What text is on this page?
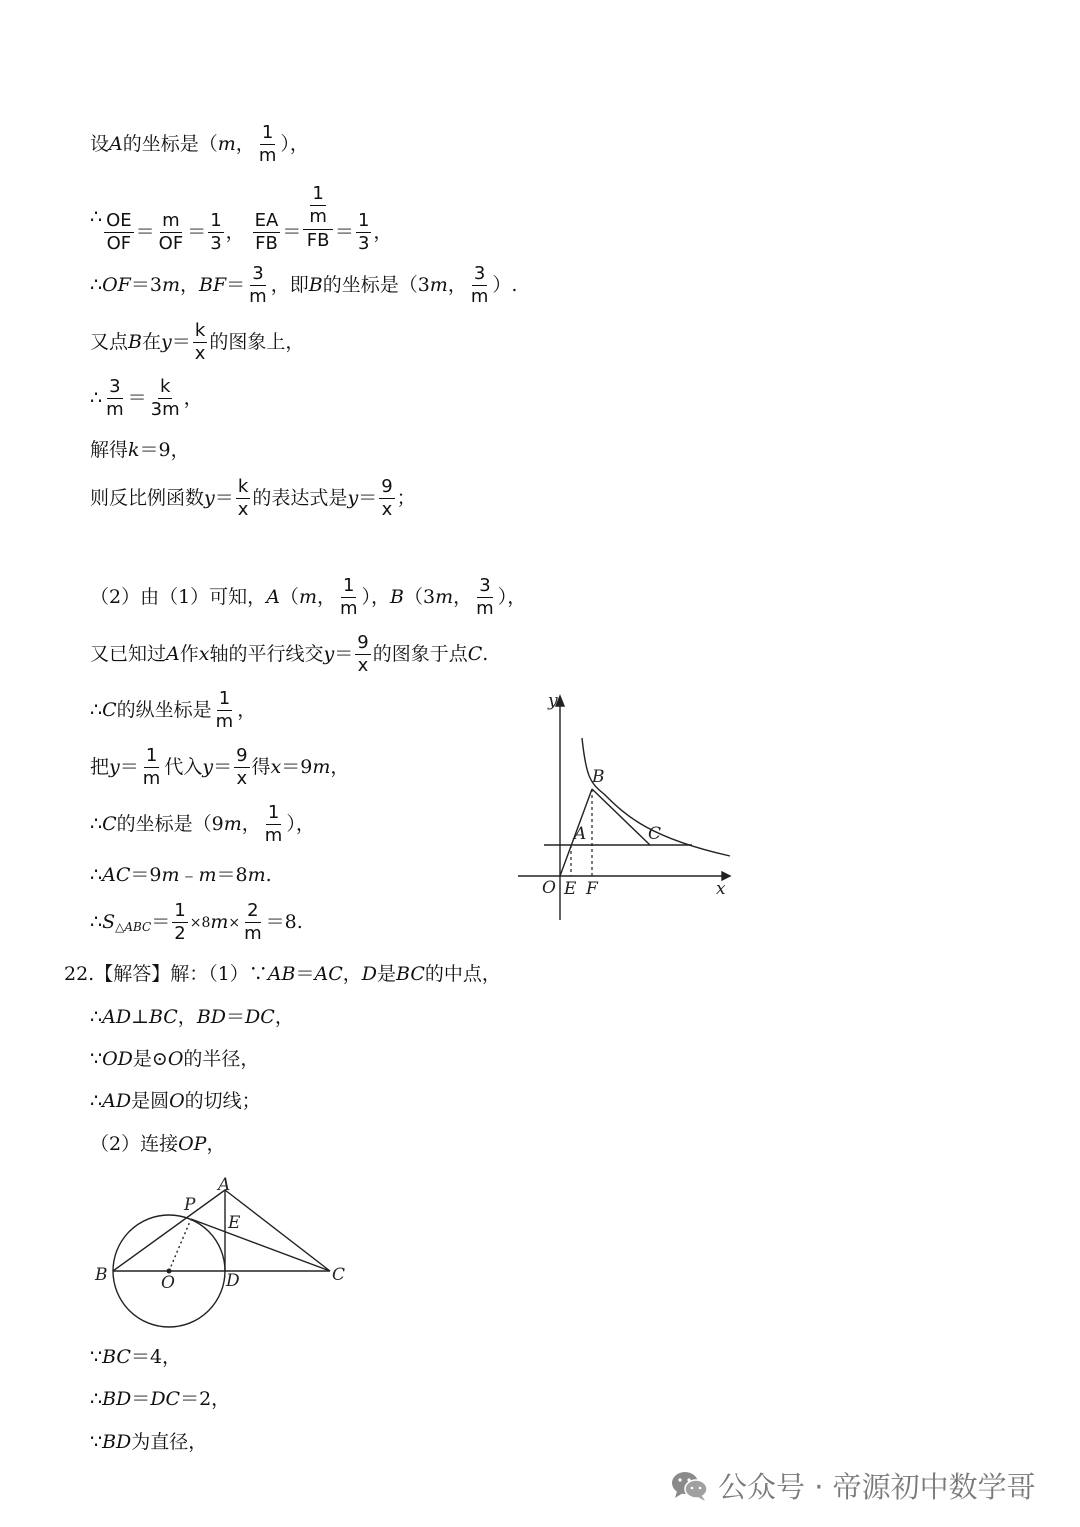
设 A 的坐标是（ m ， $\frac{1}{m}$ ），
∴ $\frac{OE}{OF} = \frac{m}{OF} = \frac{1}{3}$ ， $\frac{EA}{FB} = \frac{\frac{1}{m}}{FB} = \frac{1}{3}$ ，
∴ OF ＝3 m ， BF ＝ $\frac{3}{m}$ ，即 B 的坐标是（3 m ， $\frac{3}{m}$ ）.
又点 B 在 $y = \frac{k}{x}$ 的图象上，
∴ $\frac{3}{m} = \frac{k}{3m}$ ，
解得 k ＝9，
则反比例函数 $y = \frac{k}{x}$ 的表达式是 $y = \frac{9}{x}$ ；
（2）由（1）可知， A （ m ， $\frac{1}{m}$ ）， B （3 m ， $\frac{3}{m}$ ），
又已知过 A 作 x 轴的平行线交 $y = \frac{9}{x}$ 的图象于点 C .
∴ C 的纵坐标是 $\frac{1}{m}$ ，
把 $y = \frac{1}{m}$ 代入 $y = \frac{9}{x}$ 得 x ＝9 m ，
∴ C 的坐标是（9 m ， $\frac{1}{m}$ ），
∴ AC ＝9 m ﹣ m ＝8 m .
∴ S △ABC ＝ $\frac{1}{2} \times 8$ $m \times \frac{2}{m} =8$.
22.【解答】解：（1）∵ AB ＝ AC ， D 是 BC 的中点，
∴ AD ⊥ BC ， BD ＝ DC ，
∵ OD 是⊙ O 的半径，
∴ AD 是圆 O 的切线；
（2）连接 OP ，
∵ BC ＝4，
∴ BD ＝ DC ＝2，
∵ BD 为直径，
y
x
O E F
A
B
C
P
A
E
B	O	D	C
公众号 · 帝源初中数学哥
